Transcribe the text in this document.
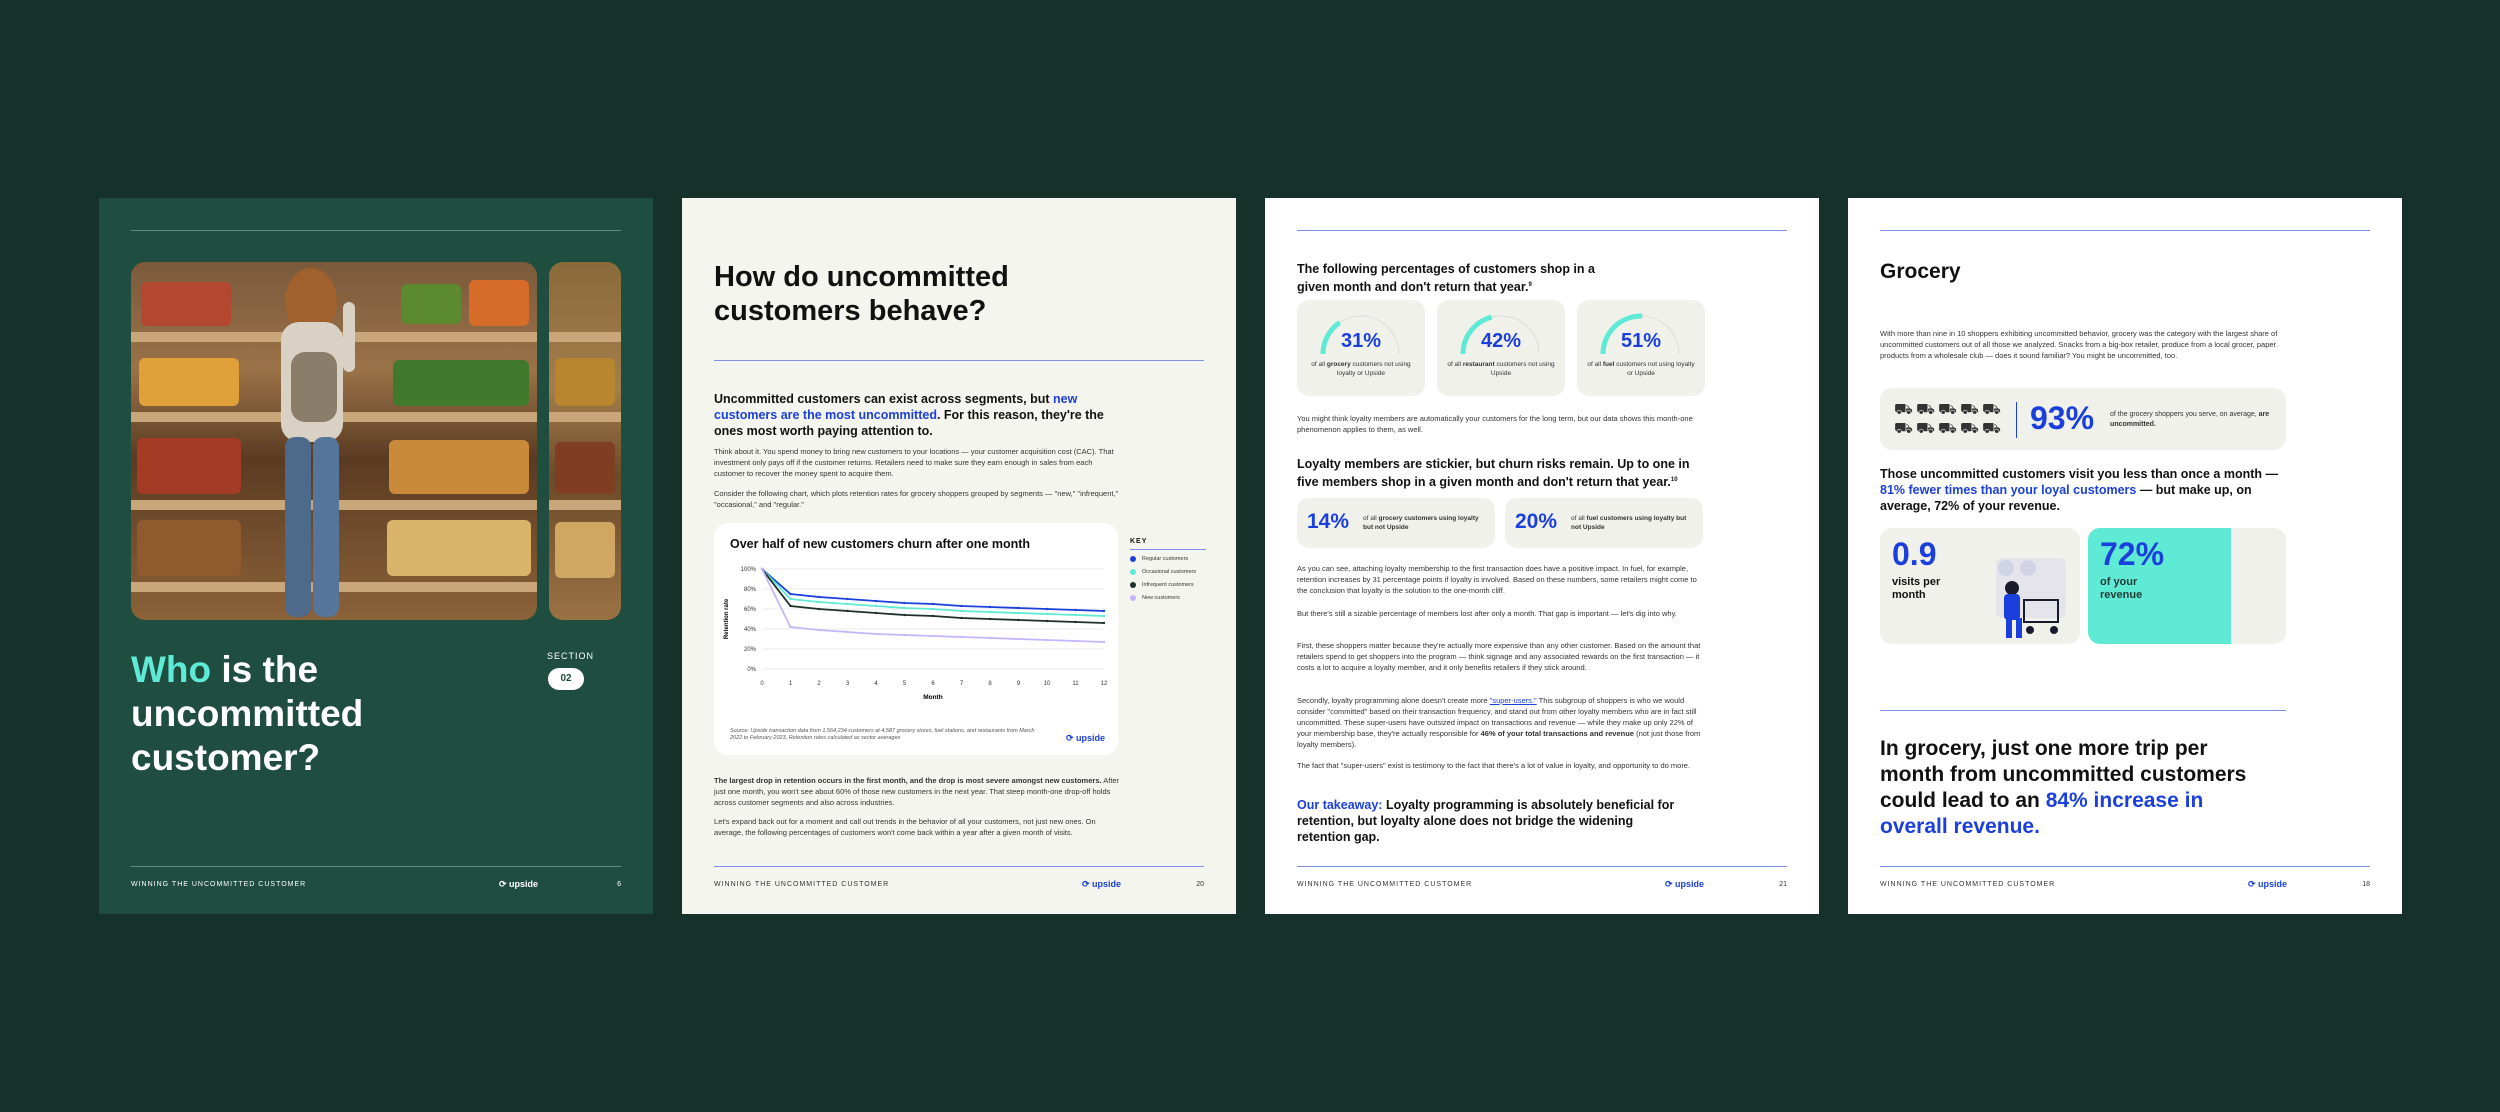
Who is the
uncommitted
customer?
SECTION
02
WINNING THE UNCOMMITTED CUSTOMER	⟳ upside	6
How do uncommitted
customers behave?
Uncommitted customers can exist across segments, but new customers are the most uncommitted. For this reason, they're the ones most worth paying attention to.

Think about it. You spend money to bring new customers to your locations — your customer acquisition cost (CAC). That investment only pays off if the customer returns. Retailers need to make sure they earn enough in sales from each customer to recover the money spent to acquire them.

Consider the following chart, which plots retention rates for grocery shoppers grouped by segments — "new," "infrequent," "occasional," and "regular."

Over half of new customers churn after one month
Retention rate
100%
80%
60%
40%
20%
0%
0	1	2	3	4	5	6	7	8	9	10	11	12
Month
Source: Upside transaction data from 1,564,234 customers at 4,587 grocery stores, fuel stations, and restaurants from March 2022 to February 2023. Retention rates calculated as sector averages	⟳ upside
KEY
Regular customers
Occasional customers
Infrequent customers
New customers

The largest drop in retention occurs in the first month, and the drop is most severe amongst new customers. After just one month, you won't see about 60% of those new customers in the next year. That steep month-one drop-off holds across customer segments and also across industries.

Let's expand back out for a moment and call out trends in the behavior of all your customers, not just new ones. On average, the following percentages of customers won't come back within a year after a given month of visits.

WINNING THE UNCOMMITTED CUSTOMER	⟳ upside	20
The following percentages of customers shop in a given month and don't return that year.$^9$
31%
of all grocery customers not using loyalty or Upside
42%
of all restaurant customers not using Upside
51%
of all fuel customers not using loyalty or Upside

You might think loyalty members are automatically your customers for the long term, but our data shows this month-one phenomenon applies to them, as well.

Loyalty members are stickier, but churn risks remain. Up to one in five members shop in a given month and don't return that year.$^{10}$
14% of all grocery customers using loyalty but not Upside	20% of all fuel customers using loyalty but not Upside

As you can see, attaching loyalty membership to the first transaction does have a positive impact. In fuel, for example, retention increases by 31 percentage points if loyalty is involved. Based on these numbers, some retailers might come to the conclusion that loyalty is the solution to the one-month cliff.

But there's still a sizable percentage of members lost after only a month. That gap is important — let's dig into why.

First, these shoppers matter because they're actually more expensive than any other customer. Based on the amount that retailers spend to get shoppers into the program — think signage and any associated rewards on the first transaction — it costs a lot to acquire a loyalty member, and it only benefits retailers if they stick around.

Secondly, loyalty programming alone doesn't create more "super-users." This subgroup of shoppers is who we would consider "committed" based on their transaction frequency, and stand out from other loyalty members who are in fact still uncommitted. These super-users have outsized impact on transactions and revenue — while they make up only 22% of your membership base, they're actually responsible for 46% of your total transactions and revenue (not just those from loyalty members).

The fact that "super-users" exist is testimony to the fact that there's a lot of value in loyalty, and opportunity to do more.

Our takeaway: Loyalty programming is absolutely beneficial for retention, but loyalty alone does not bridge the widening retention gap.
WINNING THE UNCOMMITTED CUSTOMER	⟳ upside	21
Grocery

With more than nine in 10 shoppers exhibiting uncommitted behavior, grocery was the category with the largest share of uncommitted customers out of all those we analyzed. Snacks from a big-box retailer, produce from a local grocer, paper products from a wholesale club — does it sound familiar? You might be uncommitted, too.

⛟ ⛟ ⛟ ⛟ ⛟⛟ ⛟ ⛟ ⛟ ⛟ 93% of the grocery shoppers you serve, on average, are uncommitted.
Those uncommitted customers visit you less than once a month — 81% fewer times than your loyal customers — but make up, on average, 72% of your revenue.
0.9
visits per
month
72%
of your
revenue
In grocery, just one more trip per month from uncommitted customers could lead to an 84% increase in overall revenue.
WINNING THE UNCOMMITTED CUSTOMER	⟳ upside	18
